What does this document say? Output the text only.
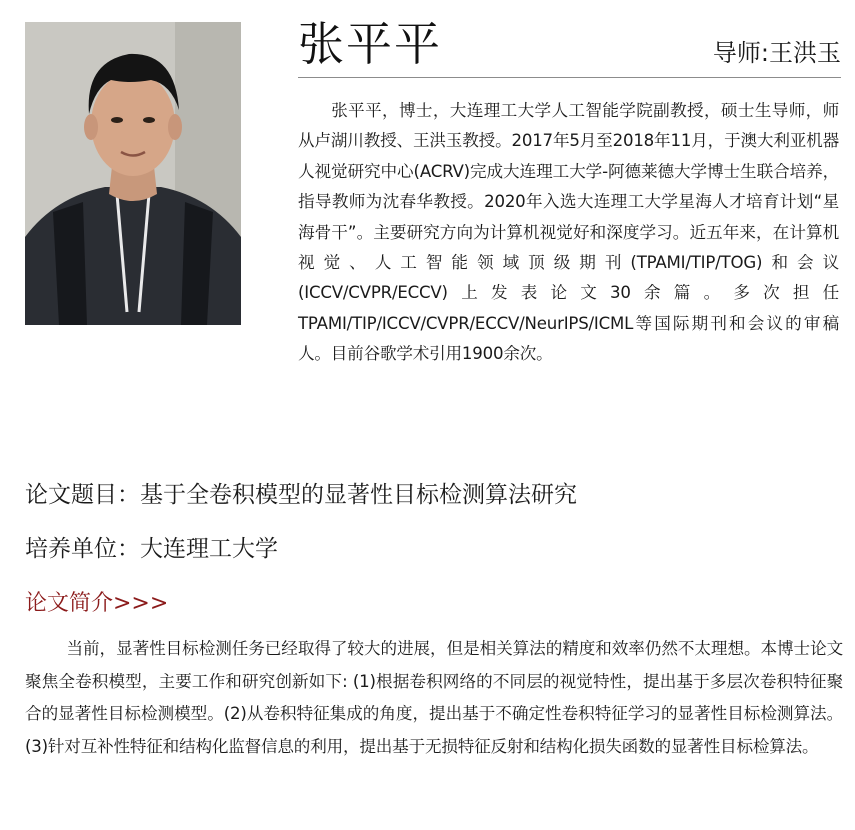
张平平	导师:王洪玉

张平平，博士，大连理工大学人工智能学院副教授，硕士生导师，师从卢湖川教授、王洪玉教授。2017年5月至2018年11月，于澳大利亚机器人视觉研究中心(ACRV)完成大连理工大学-阿德莱德大学博士生联合培养，指导教师为沈春华教授。2020年入选大连理工大学星海人才培育计划“星海骨干”。主要研究方向为计算机视觉好和深度学习。近五年来，在计算机视觉、人工智能领域顶级期刊(TPAMI/TIP/TOG)和会议(ICCV/CVPR/ECCV)上发表论文30余篇。多次担任TPAMI/TIP/ICCV/CVPR/ECCV/NeurIPS/ICML等国际期刊和会议的审稿人。目前谷歌学术引用1900余次。

论文题目：基于全卷积模型的显著性目标检测算法研究
培养单位：大连理工大学
论文简介>>>

当前，显著性目标检测任务已经取得了较大的进展，但是相关算法的精度和效率仍然不太理想。本博士论文聚焦全卷积模型，主要工作和研究创新如下: (1)根据卷积网络的不同层的视觉特性，提出基于多层次卷积特征聚合的显著性目标检测模型。(2)从卷积特征集成的角度，提出基于不确定性卷积特征学习的显著性目标检测算法。(3)针对互补性特征和结构化监督信息的利用，提出基于无损特征反射和结构化损失函数的显著性目标检算法。
